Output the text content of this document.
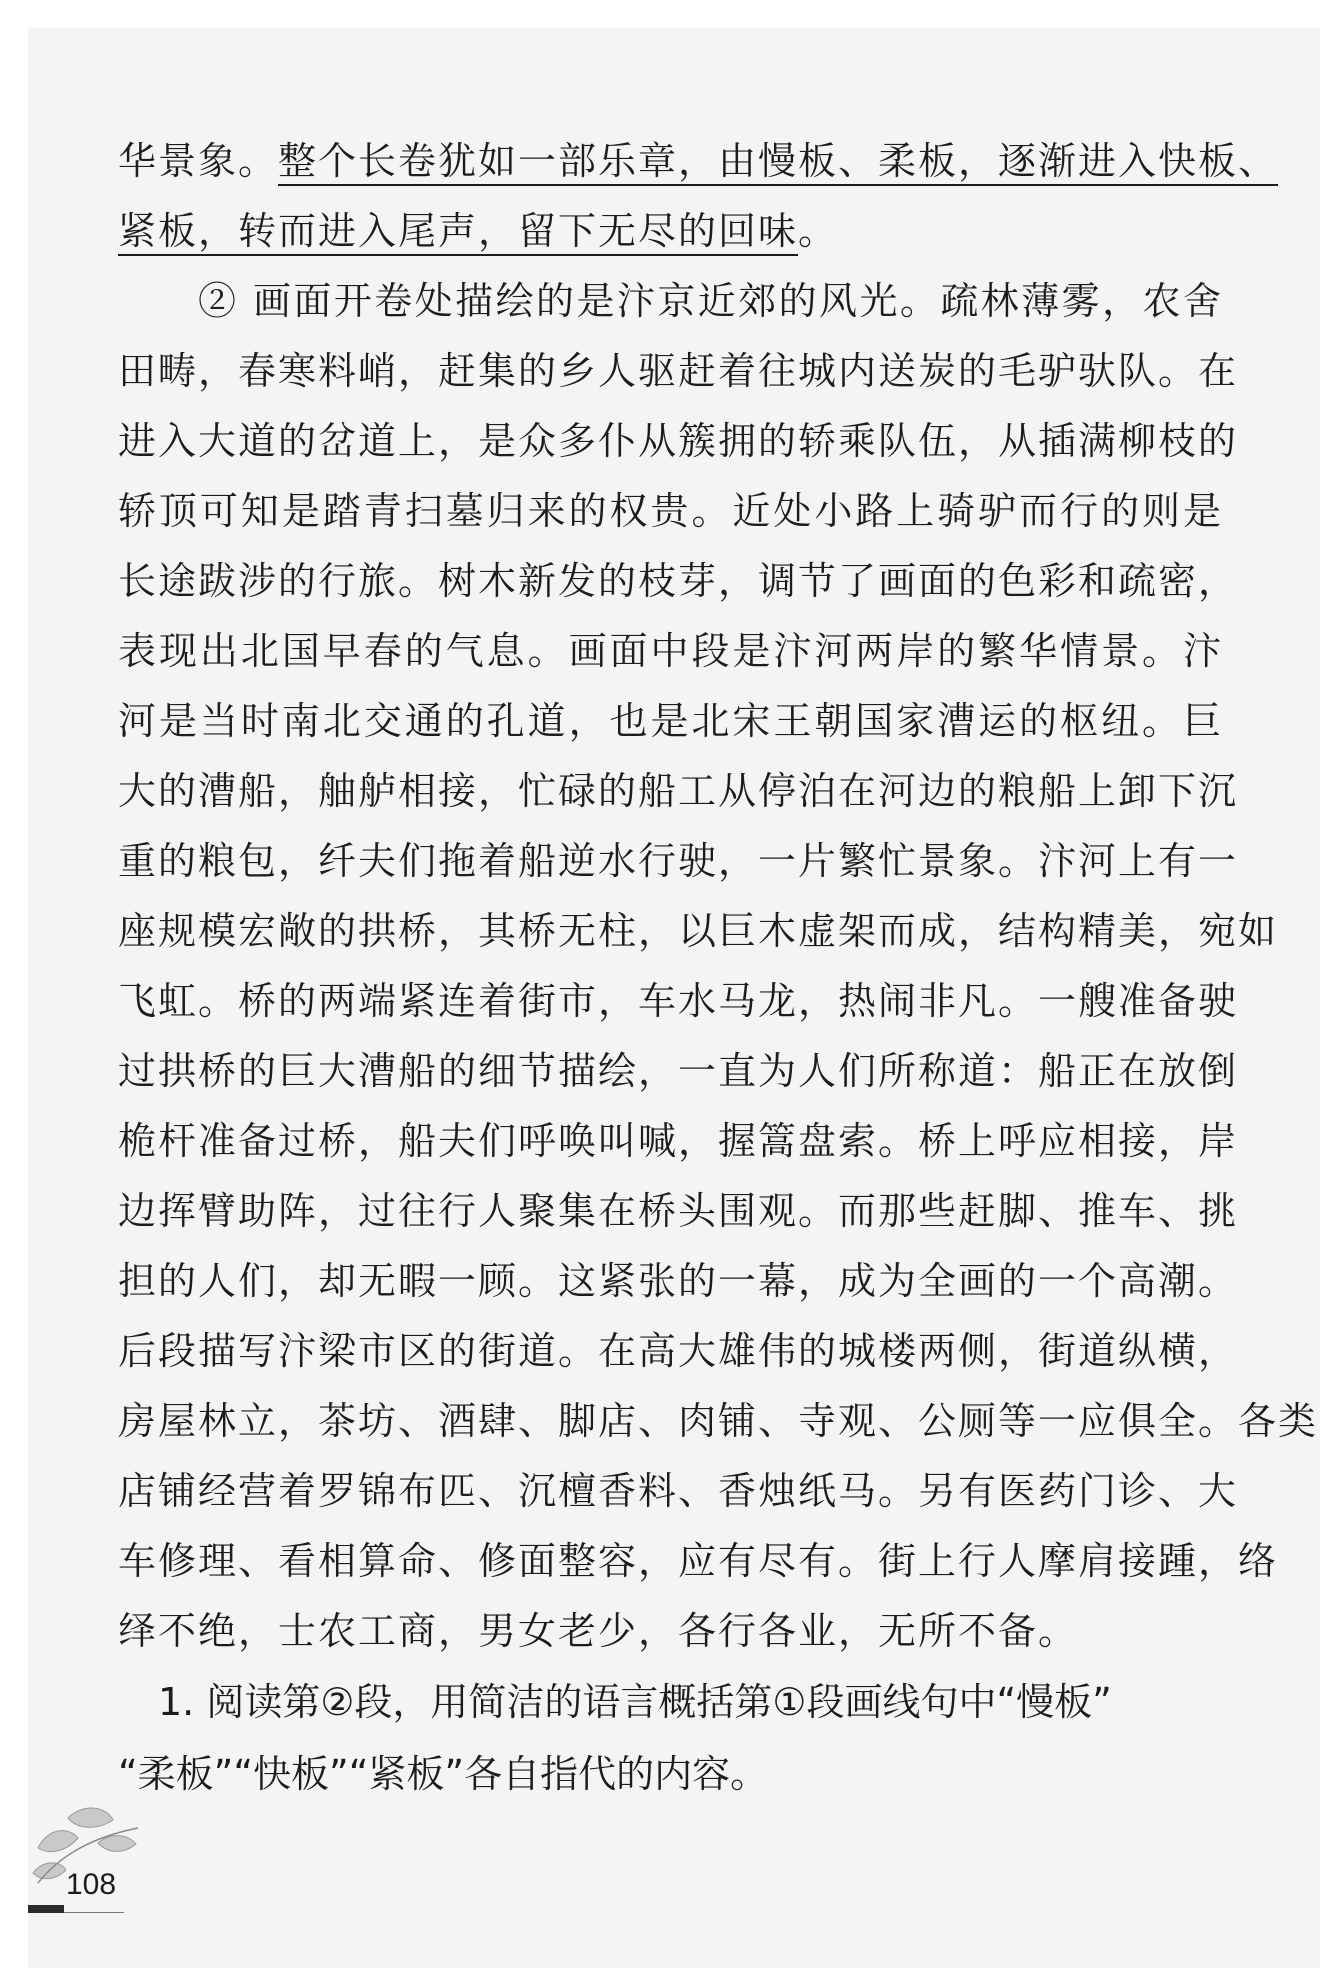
华景象。 整个长卷犹如一部乐章，由慢板、柔板，逐渐进入快板、
紧板，转而进入尾声，留下无尽的回味 。
② 画面开卷处描绘的是汴京近郊的风光。疏林薄雾，农舍
田畴，春寒料峭，赶集的乡人驱赶着往城内送炭的毛驴驮队。在
进入大道的岔道上，是众多仆从簇拥的轿乘队伍，从插满柳枝的
轿顶可知是踏青扫墓归来的权贵。近处小路上骑驴而行的则是
长途跋涉的行旅。树木新发的枝芽，调节了画面的色彩和疏密，
表现出北国早春的气息。画面中段是汴河两岸的繁华情景。汴
河是当时南北交通的孔道，也是北宋王朝国家漕运的枢纽。巨
大的漕船，舳舻相接，忙碌的船工从停泊在河边的粮船上卸下沉
重的粮包，纤夫们拖着船逆水行驶，一片繁忙景象。汴河上有一
座规模宏敞的拱桥，其桥无柱，以巨木虚架而成，结构精美，宛如
飞虹。桥的两端紧连着街市，车水马龙，热闹非凡。一艘准备驶
过拱桥的巨大漕船的细节描绘，一直为人们所称道：船正在放倒
桅杆准备过桥，船夫们呼唤叫喊，握篙盘索。桥上呼应相接，岸
边挥臂助阵，过往行人聚集在桥头围观。而那些赶脚、推车、挑
担的人们，却无暇一顾。这紧张的一幕，成为全画的一个高潮。
后段描写汴梁市区的街道。在高大雄伟的城楼两侧，街道纵横，
房屋林立，茶坊、酒肆、脚店、肉铺、寺观、公厕等一应俱全。各类
店铺经营着罗锦布匹、沉檀香料、香烛纸马。另有医药门诊、大
车修理、看相算命、修面整容，应有尽有。街上行人摩肩接踵，络
绎不绝，士农工商，男女老少，各行各业，无所不备。
1. 阅读第②段，用简洁的语言概括第①段画线句中“慢板”
“柔板”“快板”“紧板”各自指代的内容。
108
